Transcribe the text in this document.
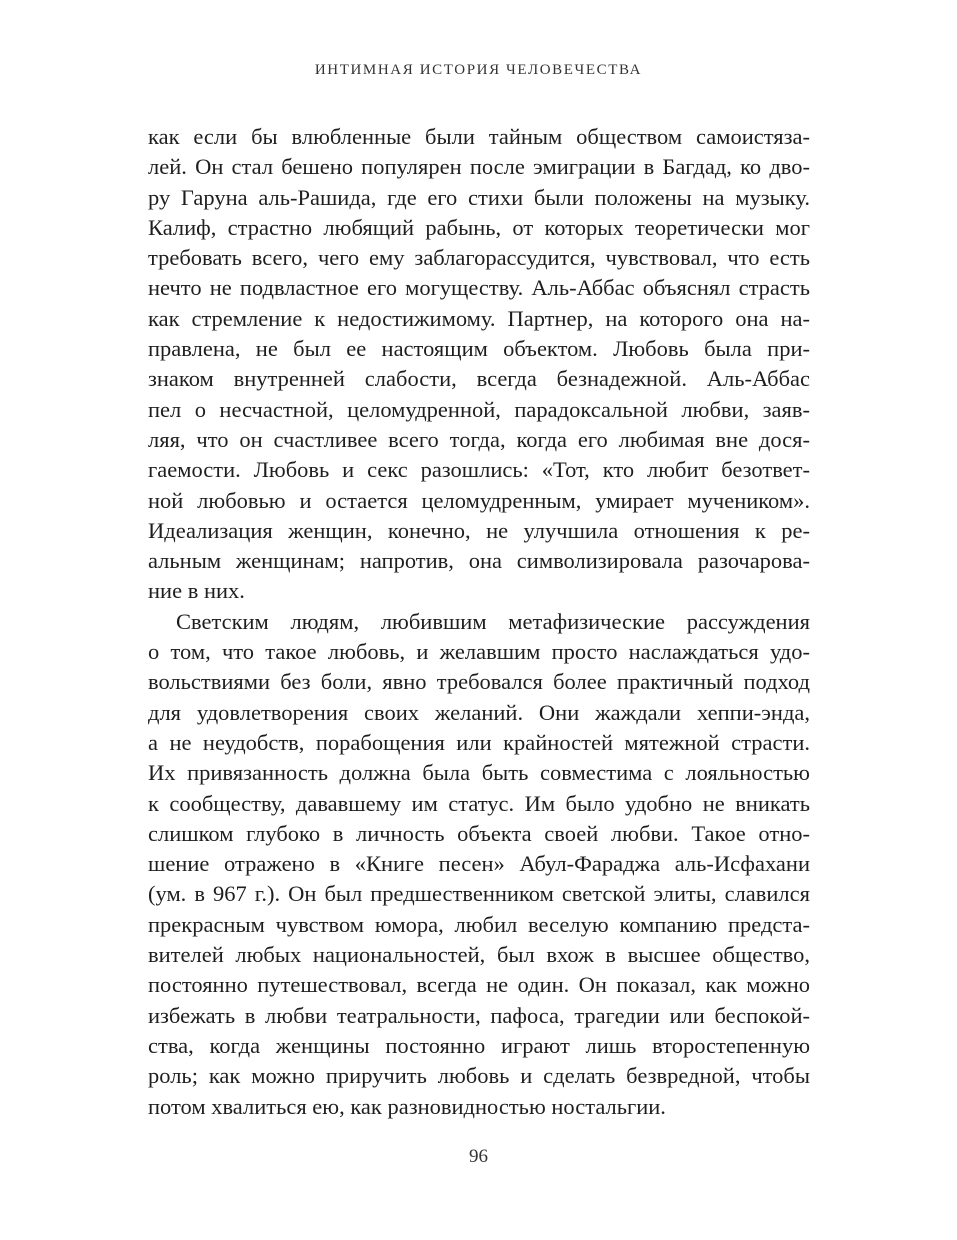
ИНТИМНАЯ ИСТОРИЯ ЧЕЛОВЕЧЕСТВА
как если бы влюбленные были тайным обществом самоистяза-
лей. Он стал бешено популярен после эмиграции в Багдад, ко дво-
ру Гаруна аль-Рашида, где его стихи были положены на музыку.
Калиф, страстно любящий рабынь, от которых теоретически мог
требовать всего, чего ему заблагорассудится, чувствовал, что есть
нечто не подвластное его могуществу. Аль-Аббас объяснял страсть
как стремление к недостижимому. Партнер, на которого она на-
правлена, не был ее настоящим объектом. Любовь была при-
знаком внутренней слабости, всегда безнадежной. Аль-Аббас
пел о несчастной, целомудренной, парадоксальной любви, заяв-
ляя, что он счастливее всего тогда, когда его любимая вне дося-
гаемости. Любовь и секс разошлись: «Тот, кто любит безответ-
ной любовью и остается целомудренным, умирает мучеником».
Идеализация женщин, конечно, не улучшила отношения к ре-
альным женщинам; напротив, она символизировала разочарова-
ние в них.
Светским людям, любившим метафизические рассуждения
о том, что такое любовь, и желавшим просто наслаждаться удо-
вольствиями без боли, явно требовался более практичный подход
для удовлетворения своих желаний. Они жаждали хеппи-энда,
а не неудобств, порабощения или крайностей мятежной страсти.
Их привязанность должна была быть совместима с лояльностью
к сообществу, дававшему им статус. Им было удобно не вникать
слишком глубоко в личность объекта своей любви. Такое отно-
шение отражено в «Книге песен» Абул-Фараджа аль-Исфахани
(ум. в 967 г.). Он был предшественником светской элиты, славился
прекрасным чувством юмора, любил веселую компанию предста-
вителей любых национальностей, был вхож в высшее общество,
постоянно путешествовал, всегда не один. Он показал, как можно
избежать в любви театральности, пафоса, трагедии или беспокой-
ства, когда женщины постоянно играют лишь второстепенную
роль; как можно приручить любовь и сделать безвредной, чтобы
потом хвалиться ею, как разновидностью ностальгии.
96
